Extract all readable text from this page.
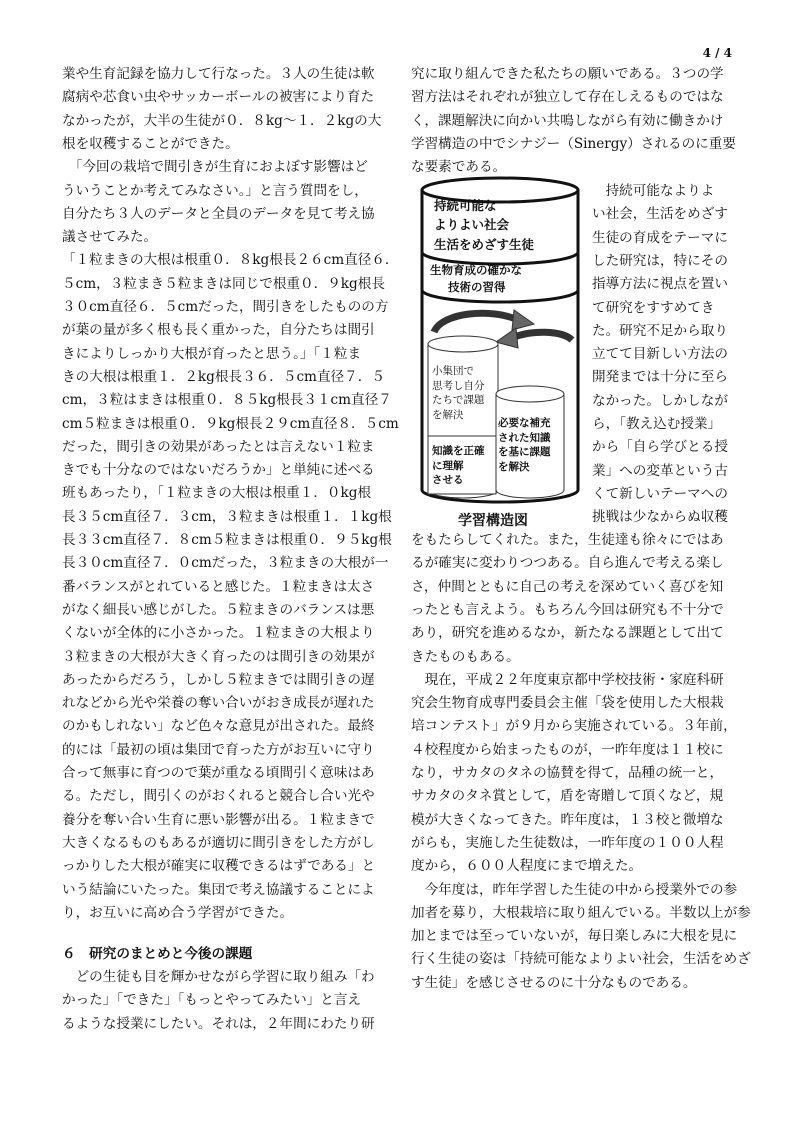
4 / 4
業や生育記録を協力して行なった。３人の生徒は軟
腐病や芯食い虫やサッカーボールの被害により育た
なかったが，大半の生徒が０．８kg～１．２kgの大
根を収穫することができた。
　「今回の栽培で間引きが生育におよぼす影響はど
ういうことか考えてみなさい。」と言う質問をし，
自分たち３人のデータと全員のデータを見て考え協
議させてみた。
「１粒まきの大根は根重０．８kg根長２６cm直径６．
５cm，３粒まき５粒まきは同じで根重０．９kg根長
３０cm直径６．５cmだった，間引きをしたものの方
が葉の量が多く根も長く重かった，自分たちは間引
きによりしっかり大根が育ったと思う。」「１粒ま
きの大根は根重１．２kg根長３６．５cm直径７．５
cm，３粒はまきは根重０．８５kg根長３１cm直径７
cm５粒まきは根重０．９kg根長２９cm直径８．５cm
だった，間引きの効果があったとは言えない１粒ま
きでも十分なのではないだろうか」と単純に述べる
班もあったり，「１粒まきの大根は根重１．０kg根
長３５cm直径７．３cm，３粒まきは根重１．１kg根
長３３cm直径７．８cm５粒まきは根重０．９５kg根
長３０cm直径７．０cmだった，３粒まきの大根が一
番バランスがとれていると感じた。１粒まきは太さ
がなく細長い感じがした。５粒まきのバランスは悪
くないが全体的に小さかった。１粒まきの大根より
３粒まきの大根が大きく育ったのは間引きの効果が
あったからだろう，しかし５粒まきでは間引きの遅
れなどから光や栄養の奪い合いがおき成長が遅れた
のかもしれない」など色々な意見が出された。最終
的には「最初の頃は集団で育った方がお互いに守り
合って無事に育つので葉が重なる頃間引く意味はあ
る。ただし，間引くのがおくれると競合し合い光や
養分を奪い合い生育に悪い影響が出る。１粒まきで
大きくなるものもあるが適切に間引きをした方がし
っかりした大根が確実に収穫できるはずである」と
いう結論にいたった。集団で考え協議することによ
り，お互いに高め合う学習ができた。
６　研究のまとめと今後の課題
　どの生徒も目を輝かせながら学習に取り組み「わ
かった」「できた」「もっとやってみたい」と言え
るような授業にしたい。それは，２年間にわたり研
究に取り組んできた私たちの願いである。３つの学
習方法はそれぞれが独立して存在しえるものではな
く，課題解決に向かい共鳴しながら有効に働きかけ
学習構造の中でシナジー（Sinergy）されるのに重要
な要素である。
　持続可能なよりよ
い社会，生活をめざす
生徒の育成をテーマに
した研究は，特にその
指導方法に視点を置い
て研究をすすめてき
た。研究不足から取り
立てて目新しい方法の
開発までは十分に至ら
なかった。しかしなが
ら，「教え込む授業」
から「自ら学びとる授
業」への変革という古
くて新しいテーマへの
挑戦は少なからぬ収穫
をもたらしてくれた。また，生徒達も徐々にではあ
るが確実に変わりつつある。自ら進んで考える楽し
さ，仲間とともに自己の考えを深めていく喜びを知
ったとも言えよう。もちろん今回は研究も不十分で
あり，研究を進めるなか，新たなる課題として出て
きたものもある。
　現在，平成２２年度東京都中学校技術・家庭科研
究会生物育成専門委員会主催「袋を使用した大根栽
培コンテスト」が９月から実施されている。３年前，
４校程度から始まったものが，一昨年度は１１校に
なり，サカタのタネの協賛を得て，品種の統一と，
サカタのタネ賞として，盾を寄贈して頂くなど，規
模が大きくなってきた。昨年度は，１３校と微増な
がらも，実施した生徒数は，一昨年度の１００人程
度から，６００人程度にまで増えた。
　今年度は，昨年学習した生徒の中から授業外での参
加者を募り，大根栽培に取り組んでいる。半数以上が参
加とまでは至っていないが，毎日楽しみに大根を見に
行く生徒の姿は「持続可能なよりよい社会，生活をめざ
す生徒」を感じさせるのに十分なものである。
持続可能な
よりよい社会
生活をめざす生徒
生物育成の確かな
技術の習得
小集団で
思考し自分
たちで課題
を解決
知識を正確
に理解
させる
必要な補充
された知識
を基に課題
を解決
学習構造図
